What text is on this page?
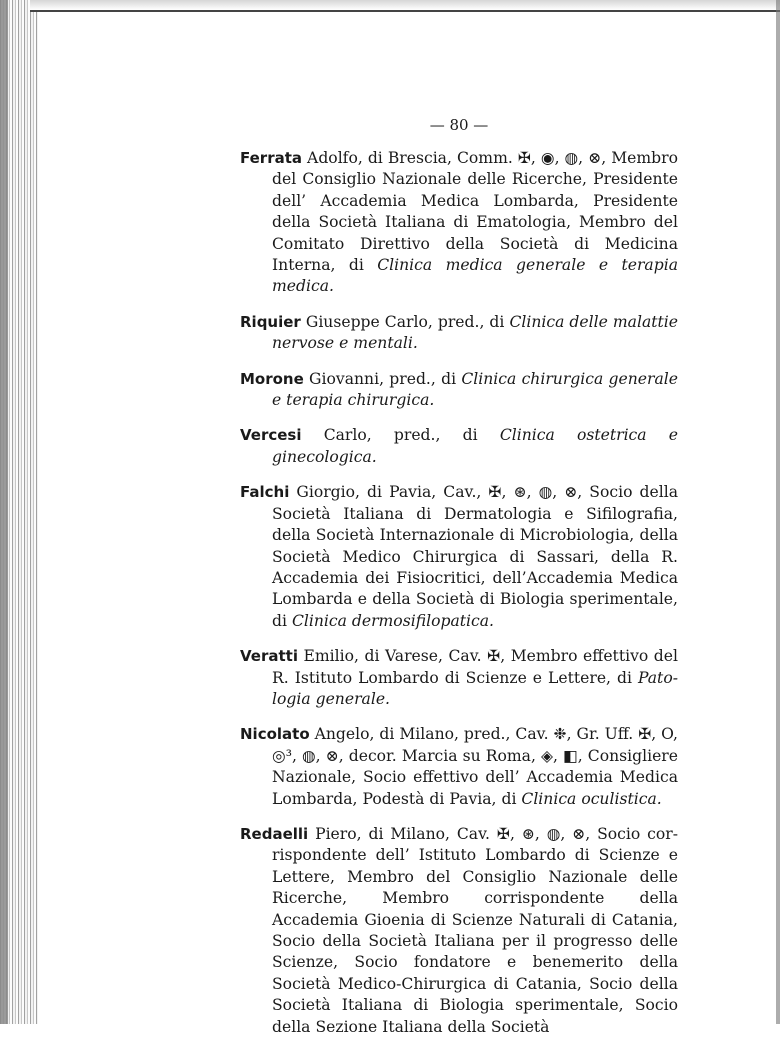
— 80 —

Ferrata Adolfo, di Brescia, Comm. ✠, ◉, ◍, ⊗, Membro del Consiglio Nazionale delle Ricerche, Presidente dell’ Accademia Medica Lombarda, Presidente della Società Italiana di Ematologia, Membro del Comitato Direttivo della Società di Medicina Interna, di Clinica medica generale e terapia medica.

Riquier Giuseppe Carlo, pred., di Clinica delle malattie nervose e mentali.

Morone Giovanni, pred., di Clinica chirurgica generale e terapia chirurgica.

Vercesi Carlo, pred., di Clinica ostetrica e ginecologica.

Falchi Giorgio, di Pavia, Cav., ✠, ⊛, ◍, ⊗, Socio della Società Italiana di Dermatologia e Sifilografia, della Società Internazionale di Microbiologia, della Società Medico Chirurgica di Sassari, della R. Accademia dei Fisiocritici, dell’Accademia Medica Lombarda e della Società di Biologia sperimentale, di Clinica dermosifilopatica.

Veratti Emilio, di Varese, Cav. ✠, Membro effettivo del R. Istituto Lombardo di Scienze e Lettere, di Patologia generale.

Nicolato Angelo, di Milano, pred., Cav. ❉, Gr. Uff. ✠, O, ◎³, ◍, ⊗, decor. Marcia su Roma, ◈, ◧, Consigliere Nazionale, Socio effettivo dell’ Accademia Medica Lombarda, Podestà di Pavia, di Clinica oculistica.

Redaelli Piero, di Milano, Cav. ✠, ⊛, ◍, ⊗, Socio corrispondente dell’ Istituto Lombardo di Scienze e Lettere, Membro del Consiglio Nazionale delle Ricerche, Membro corrispondente della Accademia Gioenia di Scienze Naturali di Catania, Socio della Società Italiana per il progresso delle Scienze, Socio fondatore e benemerito della Società Medico-Chirurgica di Catania, Socio della Società Italiana di Biologia sperimentale, Socio della Sezione Italiana della Società
